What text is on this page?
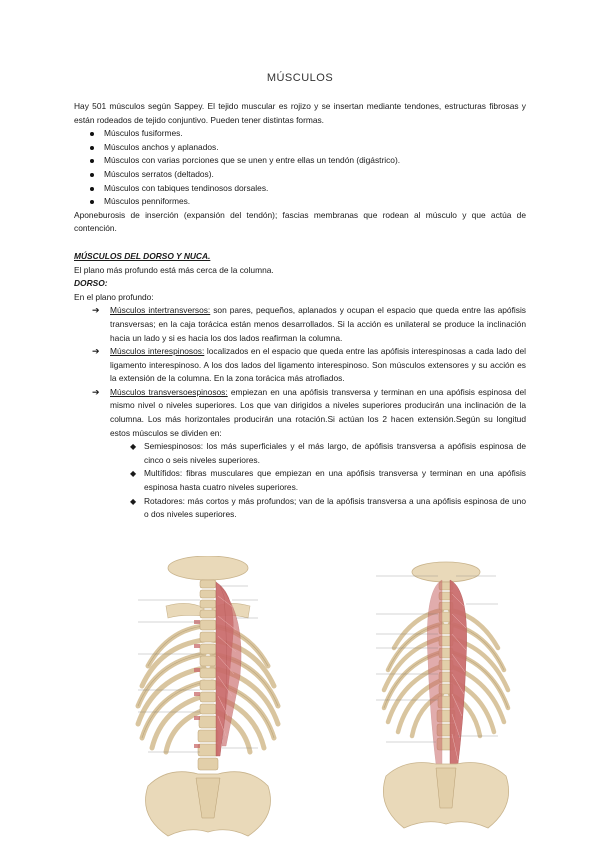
MÚSCULOS

Hay 501 músculos según Sappey. El tejido muscular es rojizo y se insertan mediante tendones, estructuras fibrosas y están rodeados de tejido conjuntivo. Pueden tener distintas formas.

Músculos fusiformes.
Músculos anchos y aplanados.
Músculos con varias porciones que se unen y entre ellas un tendón (digástrico).
Músculos serratos (deltados).
Músculos con tabiques tendinosos dorsales.
Músculos penniformes.

Aponeburosis de inserción (expansión del tendón); fascias membranas que rodean al músculo y que actúa de contención.

MÚSCULOS DEL DORSO Y NUCA.

El plano más profundo está más cerca de la columna.

DORSO:

En el plano profundo:

➔ Músculos intertransversos: son pares, pequeños, aplanados y ocupan el espacio que queda entre las apófisis transversas; en la caja torácica están menos desarrollados. Si la acción es unilateral se produce la inclinación hacia un lado y si es hacia los dos lados reafirman la columna.
➔ Músculos interespinosos: localizados en el espacio que queda entre las apófisis interespinosas a cada lado del ligamento interespinoso. A los dos lados del ligamento interespinoso. Son músculos extensores y su acción es la extensión de la columna. En la zona torácica más atrofiados.
➔ Músculos transversoespinosos: empiezan en una apófisis transversa y terminan en una apófisis espinosa del mismo nivel o niveles superiores. Los que van dirigidos a niveles superiores producirán una inclinación de la columna. Los más horizontales producirán una rotación.Si actúan los 2 hacen extensión.Según su longitud estos músculos se dividen en:
◆ Semiespinosos: los más superficiales y el más largo, de apófisis transversa a apófisis espinosa de cinco o seis niveles superiores.
◆ Multífidos: fibras musculares que empiezan en una apófisis transversa y terminan en una apófisis espinosa hasta cuatro niveles superiores.
◆ Rotadores: más cortos y más profundos; van de la apófisis transversa a una apófisis espinosa de uno o dos niveles superiores.
